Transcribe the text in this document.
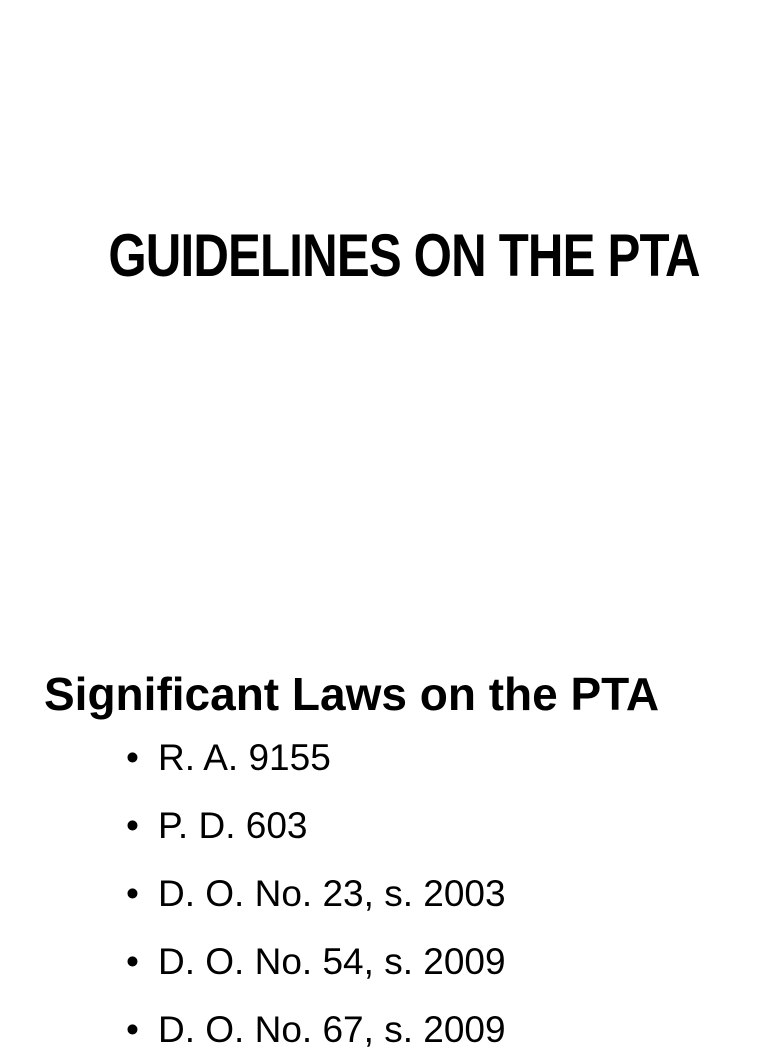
GUIDELINES ON THE PTA
Significant Laws on the PTA
• R. A. 9155
• P. D. 603
• D. O. No. 23, s. 2003
• D. O. No. 54, s. 2009
• D. O. No. 67, s. 2009
